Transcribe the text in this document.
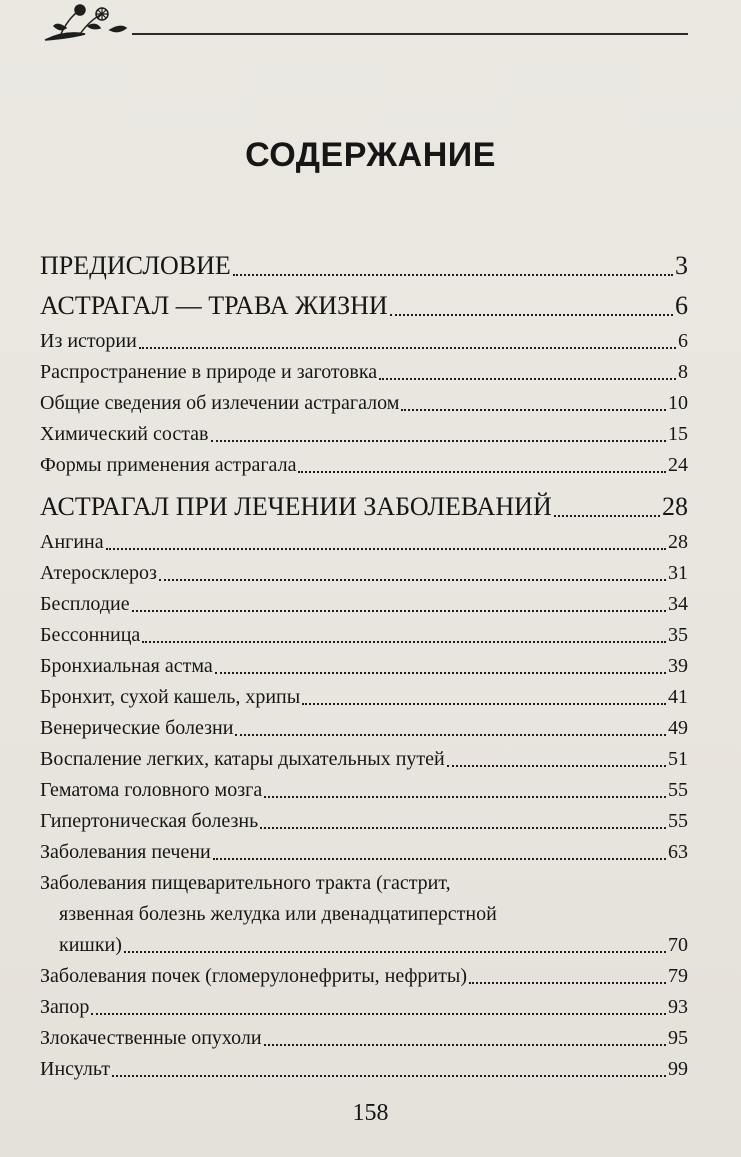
СОДЕРЖАНИЕ
ПРЕДИСЛОВИЕ	3
АСТРАГАЛ — ТРАВА ЖИЗНИ	6
Из истории	6
Распространение в природе и заготовка	8
Общие сведения об излечении астрагалом	10
Химический состав	15
Формы применения астрагала	24
АСТРАГАЛ ПРИ ЛЕЧЕНИИ ЗАБОЛЕВАНИЙ	28
Ангина	28
Атеросклероз	31
Бесплодие	34
Бессонница	35
Бронхиальная астма	39
Бронхит, сухой кашель, хрипы	41
Венерические болезни	49
Воспаление легких, катары дыхательных путей	51
Гематома головного мозга	55
Гипертоническая болезнь	55
Заболевания печени	63
Заболевания пищеварительного тракта (гастрит,
язвенная болезнь желудка или двенадцатиперстной
кишки)	70
Заболевания почек (гломерулонефриты, нефриты)	79
Запор	93
Злокачественные опухоли	95
Инсульт	99
158
